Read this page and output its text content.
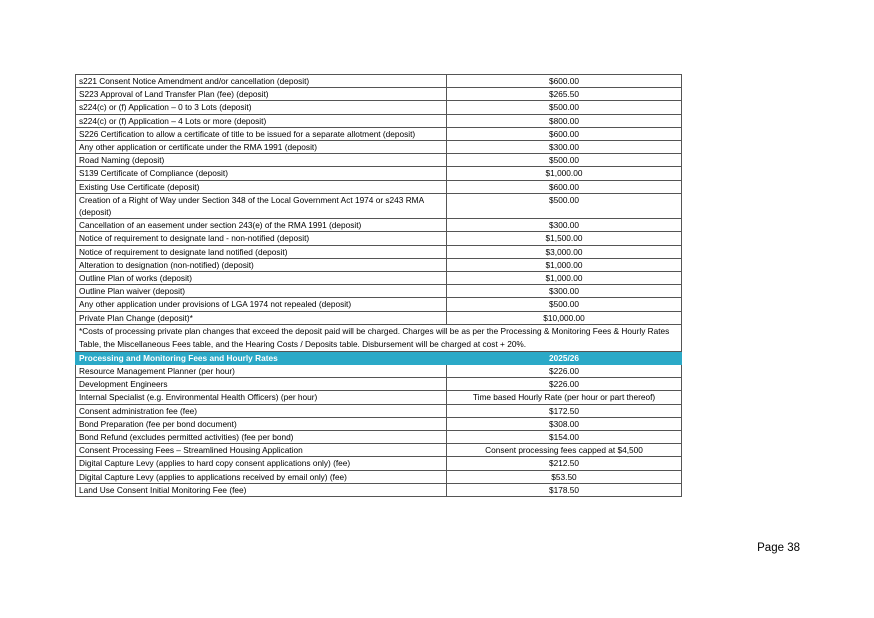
s221 Consent Notice Amendment and/or cancellation (deposit)	$600.00
S223 Approval of Land Transfer Plan (fee) (deposit)	$265.50
s224(c) or (f) Application – 0 to 3 Lots (deposit)	$500.00
s224(c) or (f) Application – 4 Lots or more (deposit)	$800.00
S226 Certification to allow a certificate of title to be issued for a separate allotment (deposit)	$600.00
Any other application or certificate under the RMA 1991 (deposit)	$300.00
Road Naming (deposit)	$500.00
S139 Certificate of Compliance (deposit)	$1,000.00
Existing Use Certificate (deposit)	$600.00
Creation of a Right of Way under Section 348 of the Local Government Act 1974 or s243 RMA (deposit)	$500.00
Cancellation of an easement under section 243(e) of the RMA 1991 (deposit)	$300.00
Notice of requirement to designate land - non-notified (deposit)	$1,500.00
Notice of requirement to designate land notified (deposit)	$3,000.00
Alteration to designation (non-notified) (deposit)	$1,000.00
Outline Plan of works (deposit)	$1,000.00
Outline Plan waiver (deposit)	$300.00
Any other application under provisions of LGA 1974 not repealed (deposit)	$500.00
Private Plan Change (deposit)*	$10,000.00
*Costs of processing private plan changes that exceed the deposit paid will be charged. Charges will be as per the Processing & Monitoring Fees & Hourly Rates Table, the Miscellaneous Fees table, and the Hearing Costs / Deposits table. Disbursement will be charged at cost + 20%.	
Processing and Monitoring Fees and Hourly Rates	2025/26
Resource Management Planner (per hour)	$226.00
Development Engineers	$226.00
Internal Specialist (e.g. Environmental Health Officers) (per hour)	Time based Hourly Rate (per hour or part thereof)
Consent administration fee (fee)	$172.50
Bond Preparation (fee per bond document)	$308.00
Bond Refund (excludes permitted activities) (fee per bond)	$154.00
Consent Processing Fees – Streamlined Housing Application	Consent processing fees capped at $4,500
Digital Capture Levy (applies to hard copy consent applications only) (fee)	$212.50
Digital Capture Levy (applies to applications received by email only) (fee)	$53.50
Land Use Consent Initial Monitoring Fee (fee)	$178.50
Page 38
